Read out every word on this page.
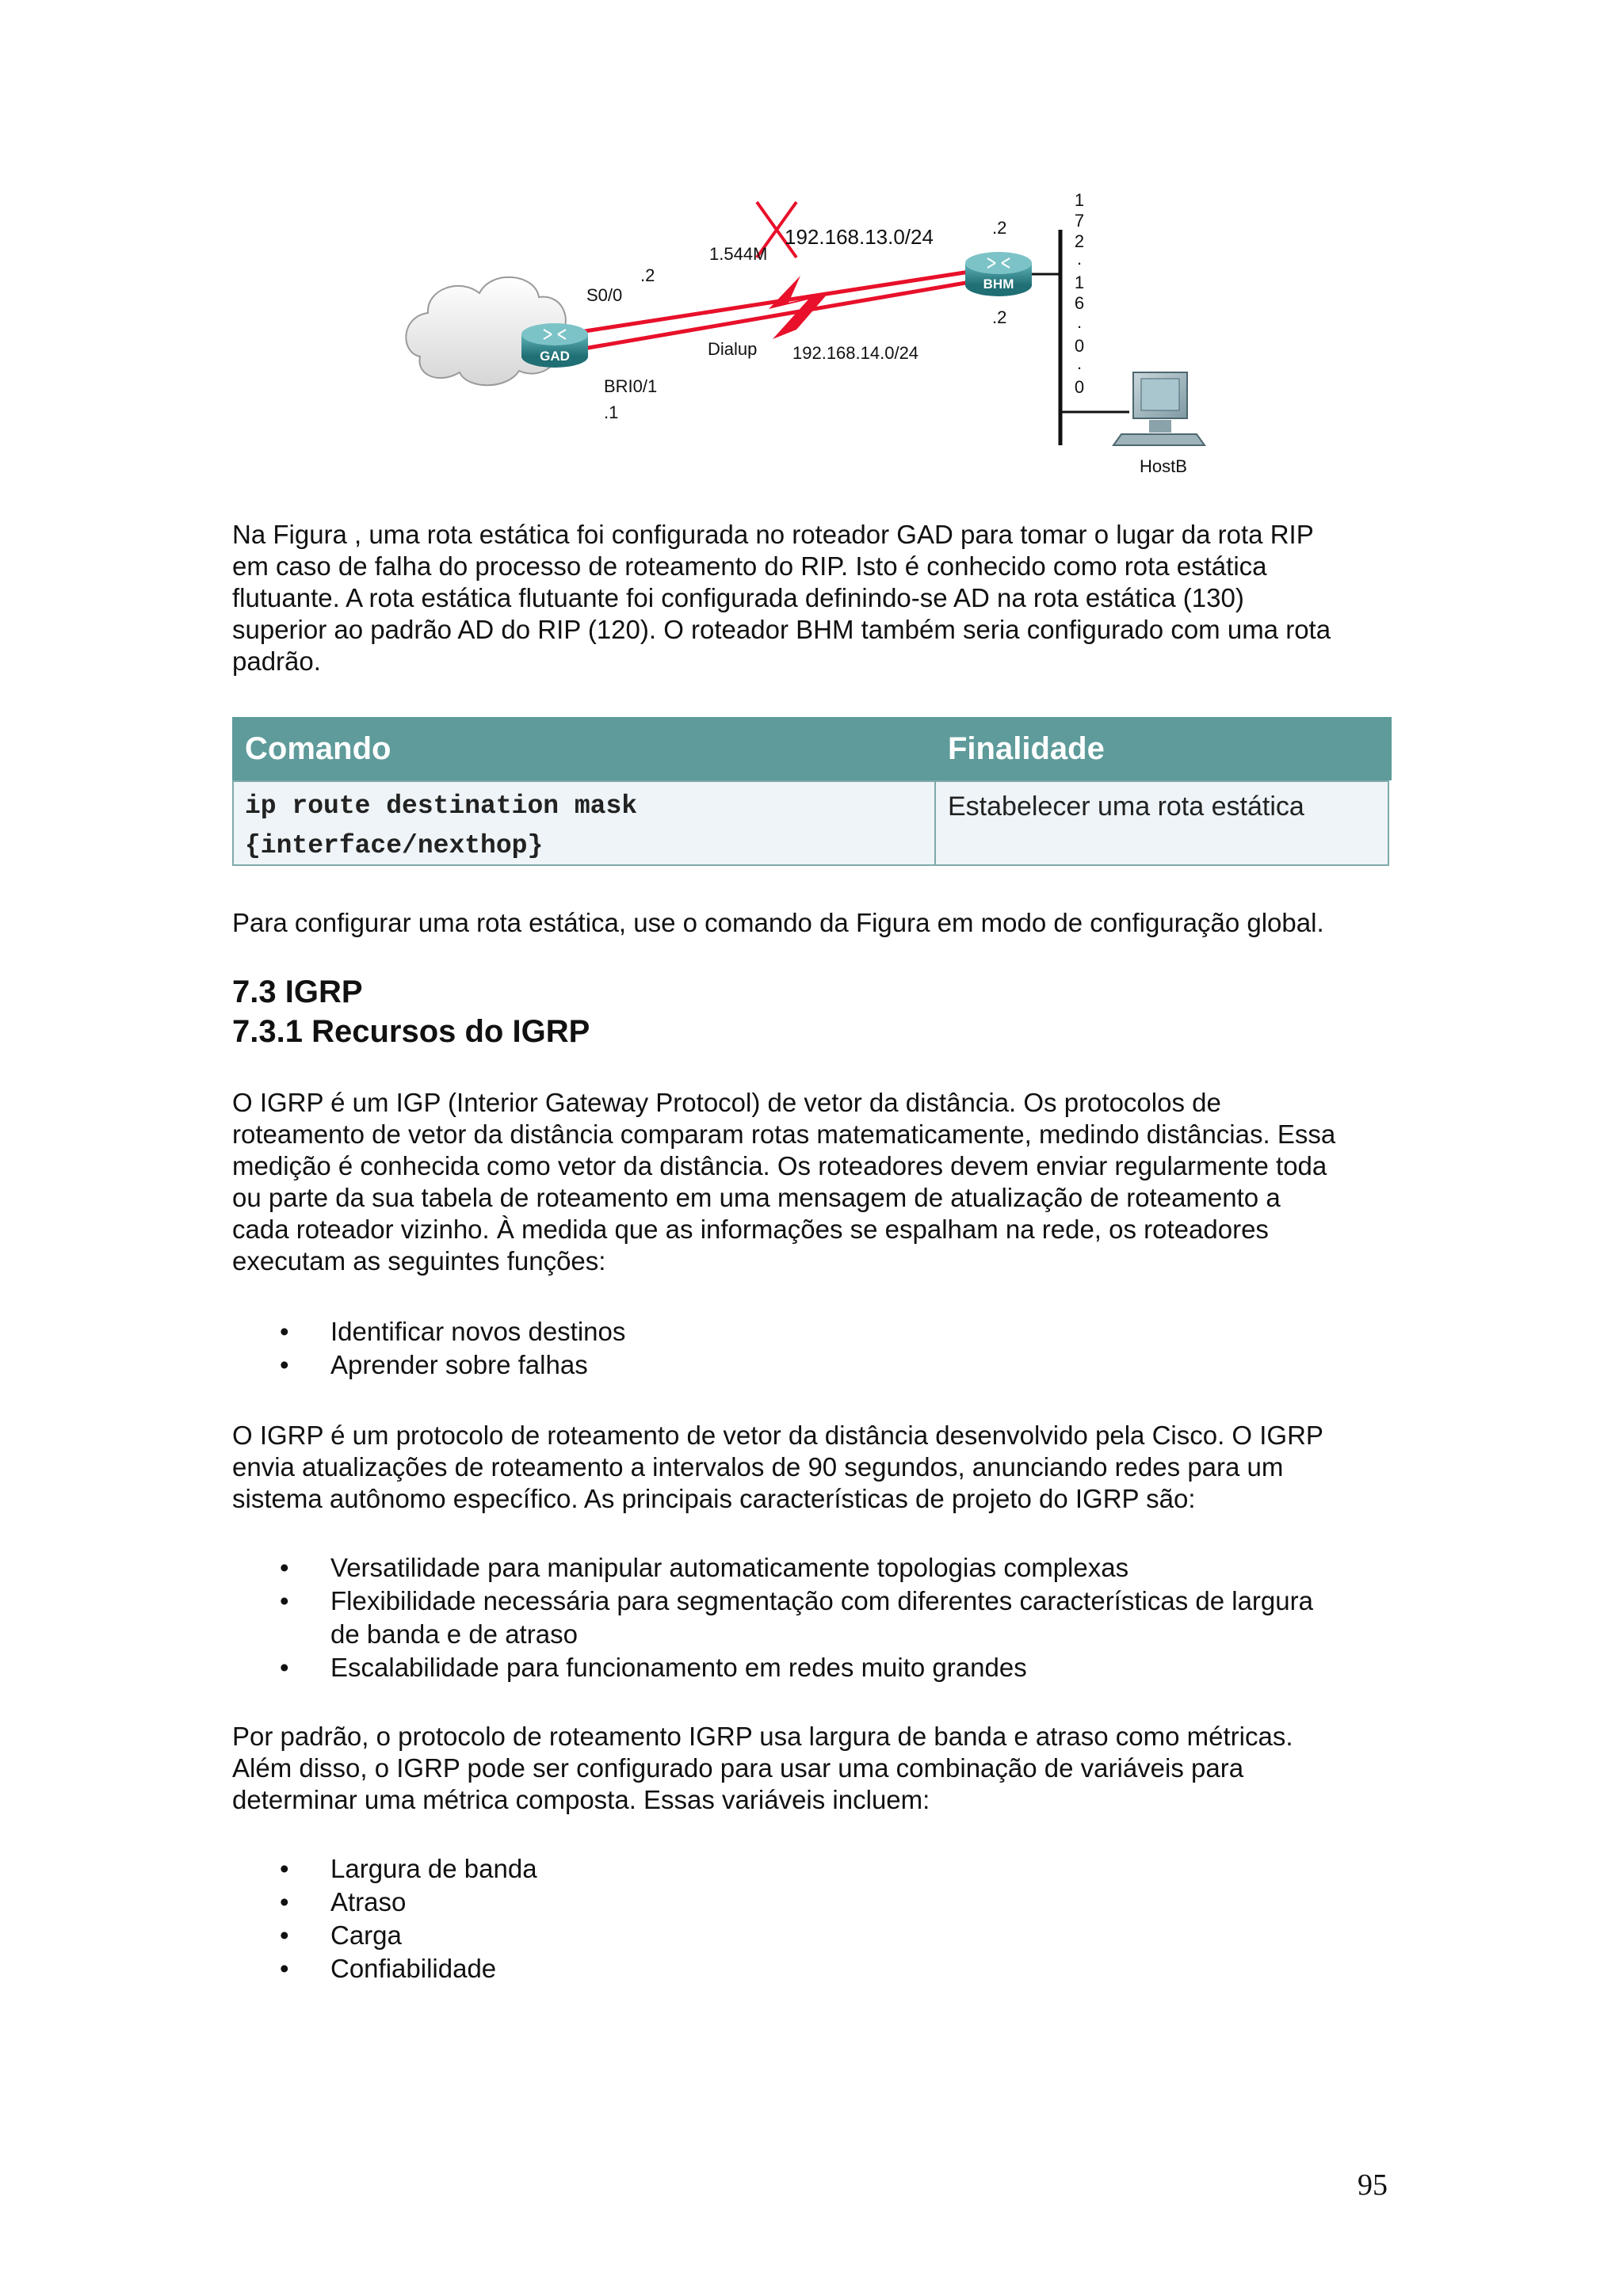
GAD
BHM
1
7
2
.
1
6
.
0
.
0
HostB
192.168.13.0/24
192.168.14.0/24
1.544M
Dialup
S0/0
.2
BRI0/1
.1
.2
.2

Na Figura , uma rota estática foi configurada no roteador GAD para tomar o lugar da rota RIP

em caso de falha do processo de roteamento do RIP. Isto é conhecido como rota estática

flutuante. A rota estática flutuante foi configurada definindo-se AD na rota estática (130)

superior ao padrão AD do RIP (120). O roteador BHM também seria configurado com uma rota

padrão.

Comando	Finalidade
ip route destination mask
{interface/nexthop}
Estabelecer uma rota estática

Para configurar uma rota estática, use o comando da Figura em modo de configuração global.

7.3 IGRP
7.3.1 Recursos do IGRP

O IGRP é um IGP (Interior Gateway Protocol) de vetor da distância. Os protocolos de

roteamento de vetor da distância comparam rotas matematicamente, medindo distâncias. Essa

medição é conhecida como vetor da distância. Os roteadores devem enviar regularmente toda

ou parte da sua tabela de roteamento em uma mensagem de atualização de roteamento a

cada roteador vizinho. À medida que as informações se espalham na rede, os roteadores

executam as seguintes funções:

• Identificar novos destinos
• Aprender sobre falhas

O IGRP é um protocolo de roteamento de vetor da distância desenvolvido pela Cisco. O IGRP

envia atualizações de roteamento a intervalos de 90 segundos, anunciando redes para um

sistema autônomo específico. As principais características de projeto do IGRP são:

• Versatilidade para manipular automaticamente topologias complexas
• Flexibilidade necessária para segmentação com diferentes características de largura
de banda e de atraso
• Escalabilidade para funcionamento em redes muito grandes

Por padrão, o protocolo de roteamento IGRP usa largura de banda e atraso como métricas.

Além disso, o IGRP pode ser configurado para usar uma combinação de variáveis para

determinar uma métrica composta. Essas variáveis incluem:

• Largura de banda
• Atraso
• Carga
• Confiabilidade
95
